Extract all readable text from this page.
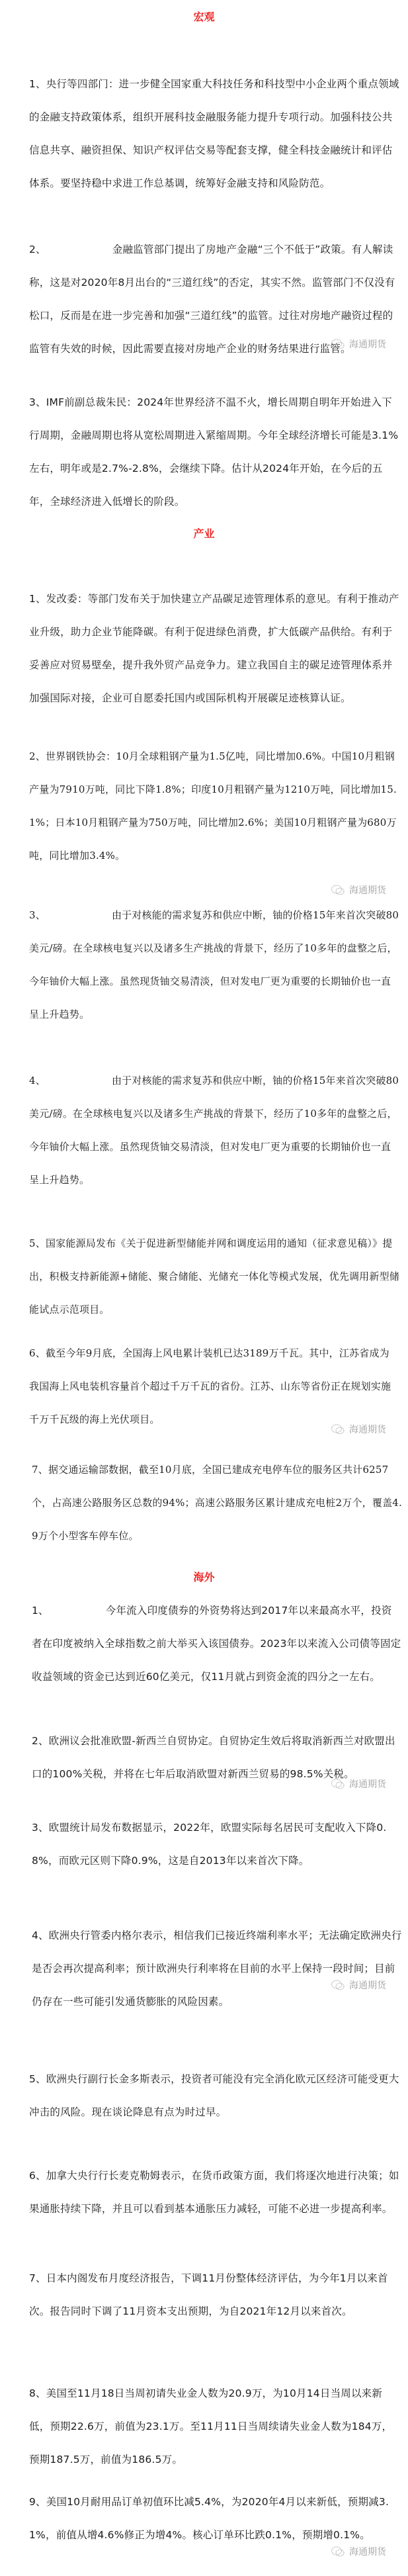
宏观
1、央行等四部门：进一步健全国家重大科技任务和科技型中小企业两个重点领域的金融支持政策体系，组织开展科技金融服务能力提升专项行动。加强科技公共信息共享、融资担保、知识产权评估交易等配套支撑，健全科技金融统计和评估体系。要坚持稳中求进工作总基调，统筹好金融支持和风险防范。
2、	金融监管部门提出了房地产金融“三个不低于”政策。有人解读称，这是对2020年8月出台的“三道红线”的否定，其实不然。监管部门不仅没有松口，反而是在进一步完善和加强“三道红线”的监管。过往对房地产融资过程的监管有失效的时候，因此需要直接对房地产企业的财务结果进行监管。
海通期货
3、IMF前副总裁朱民：2024年世界经济不温不火，增长周期自明年开始进入下行周期，金融周期也将从宽松周期进入紧缩周期。今年全球经济增长可能是3.1%左右，明年或是2.7%-2.8%，会继续下降。估计从2024年开始，在今后的五年，全球经济进入低增长的阶段。
产业
1、发改委：等部门发布关于加快建立产品碳足迹管理体系的意见。有利于推动产业升级，助力企业节能降碳。有利于促进绿色消费，扩大低碳产品供给。有利于妥善应对贸易壁垒，提升我外贸产品竞争力。建立我国自主的碳足迹管理体系并加强国际对接，企业可自愿委托国内或国际机构开展碳足迹核算认证。
2、世界钢铁协会：10月全球粗钢产量为1.5亿吨，同比增加0.6%。中国10月粗钢产量为7910万吨，同比下降1.8%；印度10月粗钢产量为1210万吨，同比增加15.1%；日本10月粗钢产量为750万吨，同比增加2.6%；美国10月粗钢产量为680万吨，同比增加3.4%。
海通期货
3、	由于对核能的需求复苏和供应中断，铀的价格15年来首次突破80美元/磅。在全球核电复兴以及诸多生产挑战的背景下，经历了10多年的盘整之后，今年铀价大幅上涨。虽然现货铀交易清淡，但对发电厂更为重要的长期铀价也一直呈上升趋势。
4、	由于对核能的需求复苏和供应中断，铀的价格15年来首次突破80美元/磅。在全球核电复兴以及诸多生产挑战的背景下，经历了10多年的盘整之后，今年铀价大幅上涨。虽然现货铀交易清淡，但对发电厂更为重要的长期铀价也一直呈上升趋势。
5、国家能源局发布《关于促进新型储能并网和调度运用的通知（征求意见稿）》提出，积极支持新能源+储能、聚合储能、光储充一体化等模式发展，优先调用新型储能试点示范项目。
6、截至今年9月底，全国海上风电累计装机已达3189万千瓦。其中，江苏省成为我国海上风电装机容量首个超过千万千瓦的省份。江苏、山东等省份正在规划实施千万千瓦级的海上光伏项目。
海通期货
7、据交通运输部数据，截至10月底，全国已建成充电停车位的服务区共计6257个，占高速公路服务区总数的94%；高速公路服务区累计建成充电桩2万个，覆盖4.9万个小型客车停车位。
海外
1、	今年流入印度债券的外资势将达到2017年以来最高水平，投资者在印度被纳入全球指数之前大举买入该国债券。2023年以来流入公司债等固定收益领域的资金已达到近60亿美元，仅11月就占到资金流的四分之一左右。
2、欧洲议会批准欧盟-新西兰自贸协定。自贸协定生效后将取消新西兰对欧盟出口的100%关税，并将在七年后取消欧盟对新西兰贸易的98.5%关税。
海通期货
3、欧盟统计局发布数据显示，2022年，欧盟实际每名居民可支配收入下降0.8%，而欧元区则下降0.9%，这是自2013年以来首次下降。
4、欧洲央行管委内格尔表示，相信我们已接近终端利率水平；无法确定欧洲央行是否会再次提高利率；预计欧洲央行利率将在目前的水平上保持一段时间；目前仍存在一些可能引发通货膨胀的风险因素。
海通期货
5、欧洲央行副行长金多斯表示，投资者可能没有完全消化欧元区经济可能受更大冲击的风险。现在谈论降息有点为时过早。
6、加拿大央行行长麦克勒姆表示，在货币政策方面，我们将逐次地进行决策；如果通胀持续下降，并且可以看到基本通胀压力减轻，可能不必进一步提高利率。
7、日本内阁发布月度经济报告，下调11月份整体经济评估，为今年1月以来首次。报告同时下调了11月资本支出预期，为自2021年12月以来首次。
8、美国至11月18日当周初请失业金人数为20.9万，为10月14日当周以来新低，预期22.6万，前值为23.1万。至11月11日当周续请失业金人数为184万，预期187.5万，前值为186.5万。
9、美国10月耐用品订单初值环比减5.4%，为2020年4月以来新低，预期减3.1%，前值从增4.6%修正为增4%。核心订单环比跌0.1%，预期增0.1%。
海通期货
